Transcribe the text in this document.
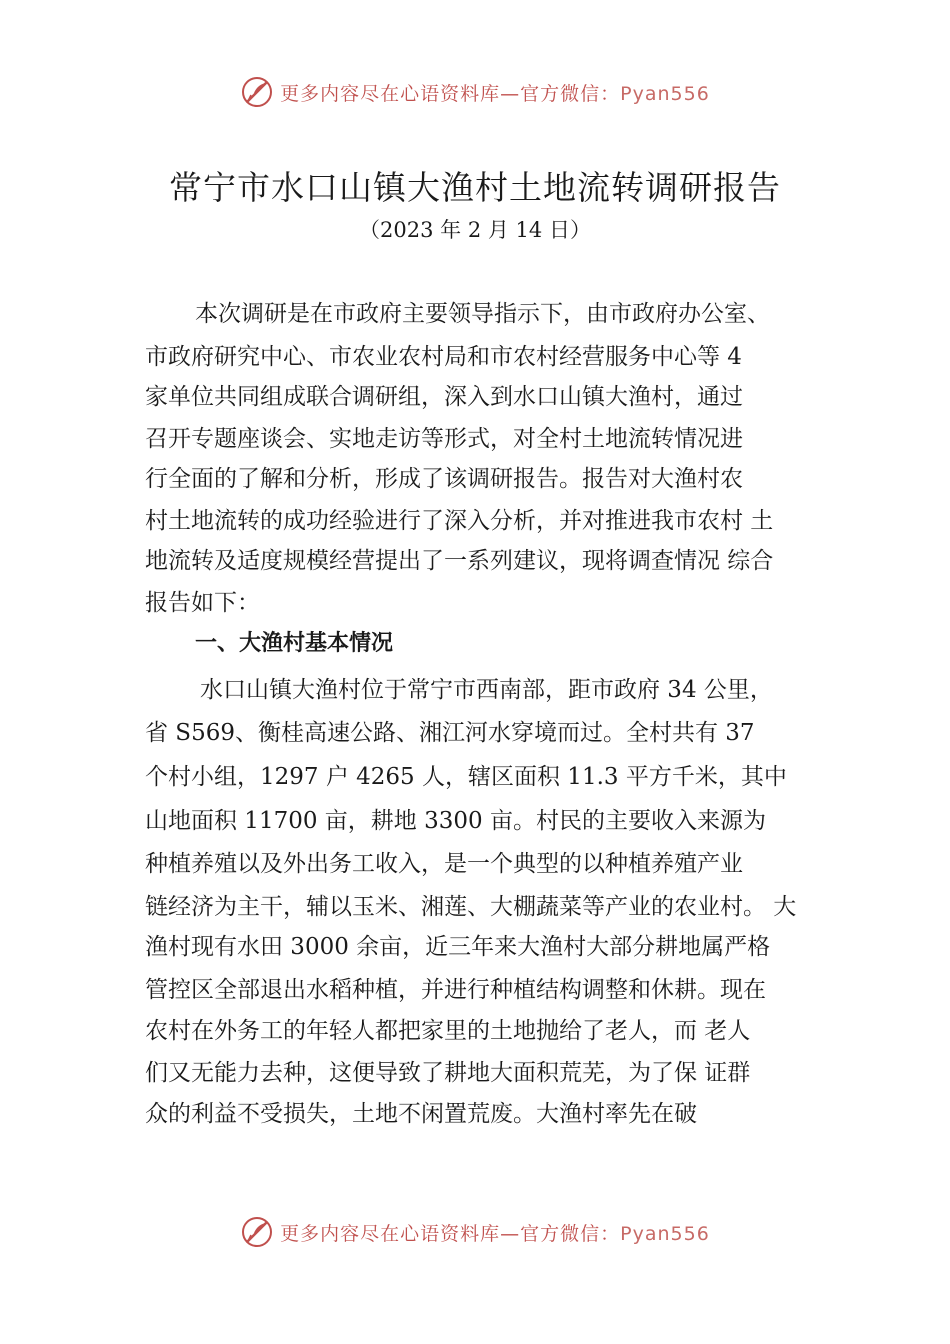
更多内容尽在心语资料库—官方微信：Pyan556
常宁市水口山镇大渔村土地流转调研报告
（2023 年 2 月 14 日）
本次调研是在市政府主要领导指示下，由市政府办公室、
市政府研究中心、市农业农村局和市农村经营服务中心等 4
家单位共同组成联合调研组，深入到水口山镇大渔村，通过
召开专题座谈会、实地走访等形式，对全村土地流转情况进
行全面的了解和分析，形成了该调研报告。报告对大渔村农
村土地流转的成功经验进行了深入分析，并对推进我市农村 土
地流转及适度规模经营提出了一系列建议，现将调查情况 综合
报告如下：
一、大渔村基本情况
水口山镇大渔村位于常宁市西南部，距市政府 34 公里，
省 S569、衡桂高速公路、湘江河水穿境而过。全村共有 37
个村小组，1297 户 4265 人，辖区面积 11.3 平方千米，其中
山地面积 11700 亩，耕地 3300 亩。村民的主要收入来源为
种植养殖以及外出务工收入，是一个典型的以种植养殖产业
链经济为主干，辅以玉米、湘莲、大棚蔬菜等产业的农业村。 大
渔村现有水田 3000 余亩，近三年来大渔村大部分耕地属严格
管控区全部退出水稻种植，并进行种植结构调整和休耕。现在
农村在外务工的年轻人都把家里的土地抛给了老人，而 老人
们又无能力去种，这便导致了耕地大面积荒芜，为了保 证群
众的利益不受损失，土地不闲置荒废。大渔村率先在破
更多内容尽在心语资料库—官方微信：Pyan556
